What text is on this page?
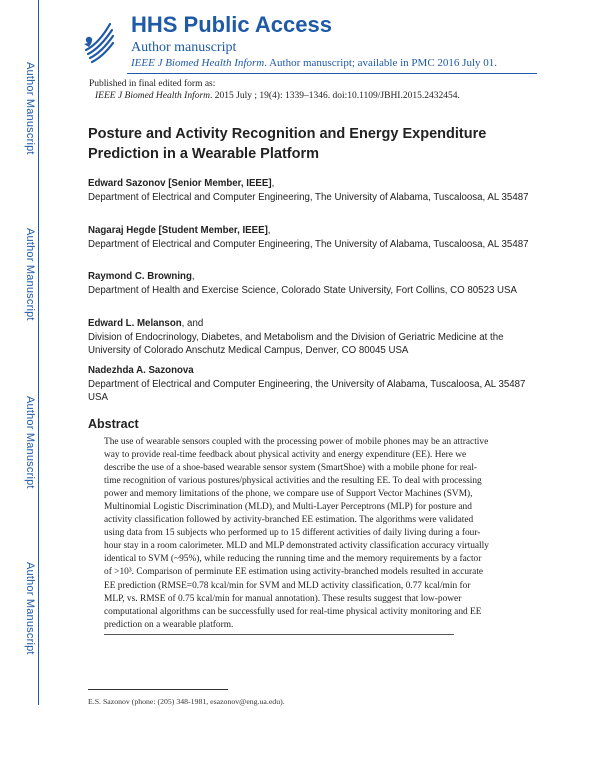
Author Manuscript
Author Manuscript
Author Manuscript
Author Manuscript
HHS Public Access
Author manuscript
IEEE J Biomed Health Inform. Author manuscript; available in PMC 2016 July 01.
Published in final edited form as:
IEEE J Biomed Health Inform. 2015 July ; 19(4): 1339–1346. doi:10.1109/JBHI.2015.2432454.
Posture and Activity Recognition and Energy Expenditure Prediction in a Wearable Platform
Edward Sazonov [Senior Member, IEEE],
Department of Electrical and Computer Engineering, The University of Alabama, Tuscaloosa, AL 35487
Nagaraj Hegde [Student Member, IEEE],
Department of Electrical and Computer Engineering, The University of Alabama, Tuscaloosa, AL 35487
Raymond C. Browning,
Department of Health and Exercise Science, Colorado State University, Fort Collins, CO 80523 USA
Edward L. Melanson, and
Division of Endocrinology, Diabetes, and Metabolism and the Division of Geriatric Medicine at the University of Colorado Anschutz Medical Campus, Denver, CO 80045 USA
Nadezhda A. Sazonova
Department of Electrical and Computer Engineering, the University of Alabama, Tuscaloosa, AL 35487 USA
Abstract
The use of wearable sensors coupled with the processing power of mobile phones may be an attractive way to provide real-time feedback about physical activity and energy expenditure (EE). Here we describe the use of a shoe-based wearable sensor system (SmartShoe) with a mobile phone for real-time recognition of various postures/physical activities and the resulting EE. To deal with processing power and memory limitations of the phone, we compare use of Support Vector Machines (SVM), Multinomial Logistic Discrimination (MLD), and Multi-Layer Perceptrons (MLP) for posture and activity classification followed by activity-branched EE estimation. The algorithms were validated using data from 15 subjects who performed up to 15 different activities of daily living during a four-hour stay in a room calorimeter. MLD and MLP demonstrated activity classification accuracy virtually identical to SVM (~95%), while reducing the running time and the memory requirements by a factor of >10³. Comparison of perminute EE estimation using activity-branched models resulted in accurate EE prediction (RMSE=0.78 kcal/min for SVM and MLD activity classification, 0.77 kcal/min for MLP, vs. RMSE of 0.75 kcal/min for manual annotation). These results suggest that low-power computational algorithms can be successfully used for real-time physical activity monitoring and EE prediction on a wearable platform.
E.S. Sazonov (phone: (205) 348-1981, esazonov@eng.ua.edu).
